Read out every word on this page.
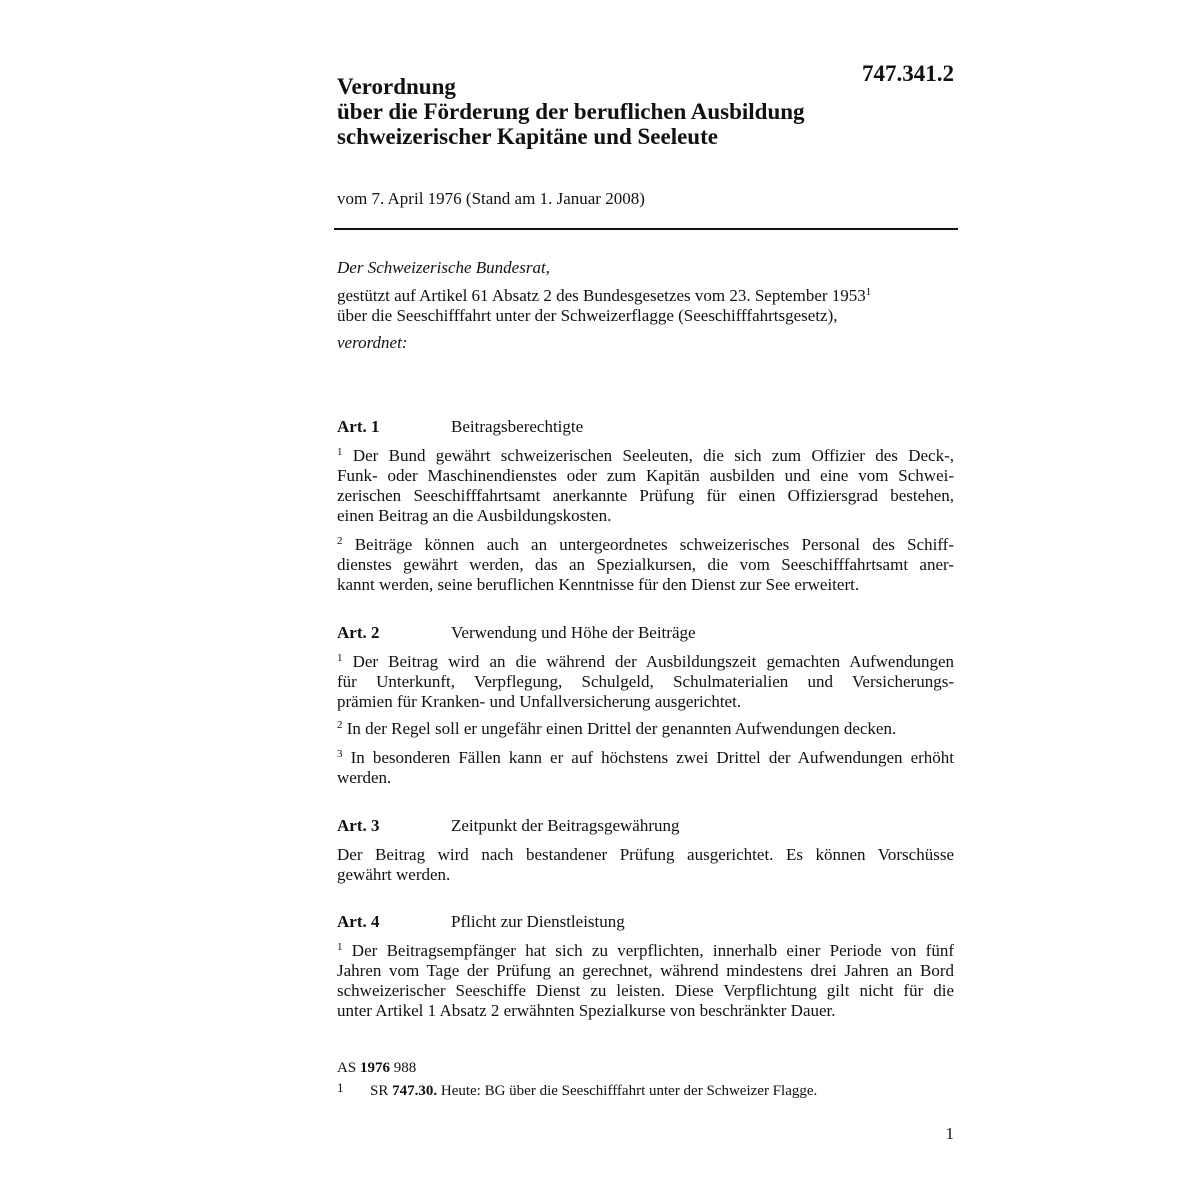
747.341.2
Verordnung
über die Förderung der beruflichen Ausbildung
schweizerischer Kapitäne und Seeleute
vom 7. April 1976 (Stand am 1. Januar 2008)
Der Schweizerische Bundesrat,
gestützt auf Artikel 61 Absatz 2 des Bundesgesetzes vom 23. September 1953$^1$
über die Seeschifffahrt unter der Schweizerflagge (Seeschifffahrtsgesetz),
verordnet:
Art. 1	Beitragsberechtigte
$^1$ Der Bund gewährt schweizerischen Seeleuten, die sich zum Offizier des Deck-,
Funk- oder Maschinendienstes oder zum Kapitän ausbilden und eine vom Schwei-
zerischen Seeschifffahrtsamt anerkannte Prüfung für einen Offiziersgrad bestehen,
einen Beitrag an die Ausbildungskosten.
$^2$ Beiträge können auch an untergeordnetes schweizerisches Personal des Schiff-
dienstes gewährt werden, das an Spezialkursen, die vom Seeschifffahrtsamt aner-
kannt werden, seine beruflichen Kenntnisse für den Dienst zur See erweitert.
Art. 2	Verwendung und Höhe der Beiträge
$^1$ Der Beitrag wird an die während der Ausbildungszeit gemachten Aufwendungen
für Unterkunft, Verpflegung, Schulgeld, Schulmaterialien und Versicherungs-
prämien für Kranken- und Unfallversicherung ausgerichtet.
$^2$ In der Regel soll er ungefähr einen Drittel der genannten Aufwendungen decken.
$^3$ In besonderen Fällen kann er auf höchstens zwei Drittel der Aufwendungen erhöht
werden.
Art. 3	Zeitpunkt der Beitragsgewährung
Der Beitrag wird nach bestandener Prüfung ausgerichtet. Es können Vorschüsse
gewährt werden.
Art. 4	Pflicht zur Dienstleistung
$^1$ Der Beitragsempfänger hat sich zu verpflichten, innerhalb einer Periode von fünf
Jahren vom Tage der Prüfung an gerechnet, während mindestens drei Jahren an Bord
schweizerischer Seeschiffe Dienst zu leisten. Diese Verpflichtung gilt nicht für die
unter Artikel 1 Absatz 2 erwähnten Spezialkurse von beschränkter Dauer.
AS 1976 988
1 SR 747.30. Heute: BG über die Seeschifffahrt unter der Schweizer Flagge.
1
